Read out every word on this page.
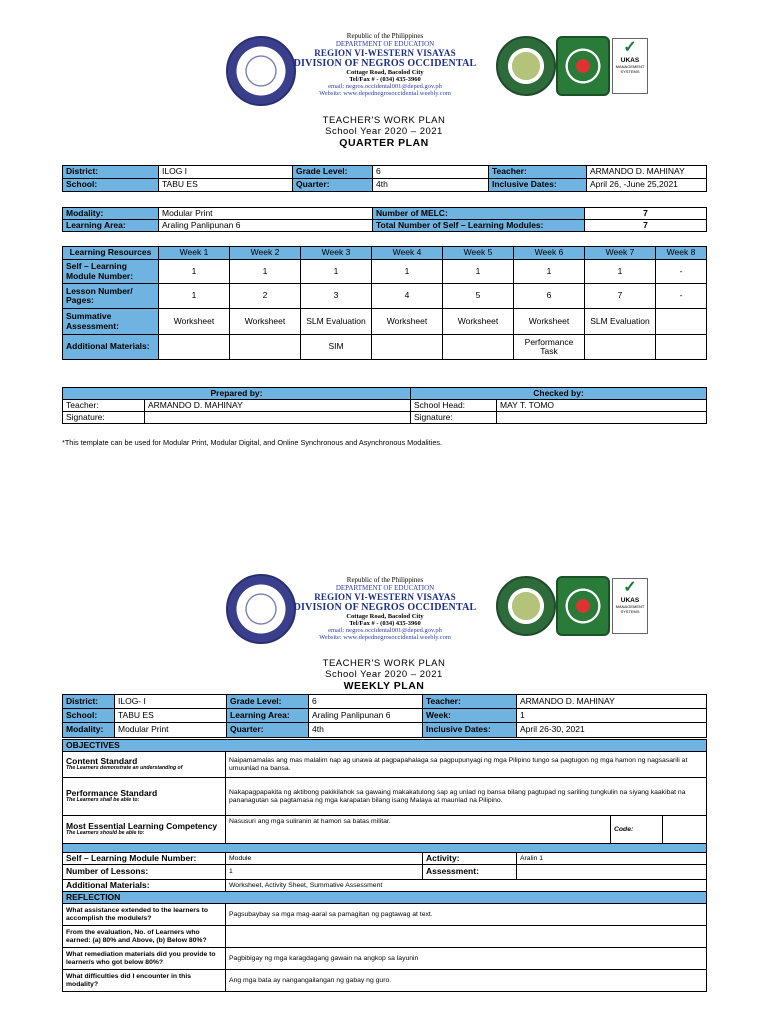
Republic of the Philippines
DEPARTMENT OF EDUCATION
REGION VI-WESTERN VISAYAS
DIVISION OF NEGROS OCCIDENTAL
Cottage Road, Bacolod City
Tel/Fax # - (034) 435-3960
email: negros.occidental001@deped.gov.ph
Website: www.depednegrosoccidental.weebly.com
✓
UKAS
MANAGEMENT SYSTEMS
TEACHER'S WORK PLAN
School Year 2020 – 2021
QUARTER PLAN
District:	ILOG I	Grade Level:	6	Teacher:	ARMANDO D. MAHINAY
School:	TABU ES	Quarter:	4th	Inclusive Dates:	April 26, -June 25,2021
Modality:	Modular Print	Number of MELC:	7
Learning Area:	Araling Panlipunan 6	Total Number of Self – Learning Modules:	7
Learning Resources	Week 1	Week 2	Week 3	Week 4	Week 5	Week 6	Week 7	Week 8
Self – Learning Module Number:	1	1	1	1	1	1	1	-
Lesson Number/ Pages:	1	2	3	4	5	6	7	-
Summative Assessment:	Worksheet	Worksheet	SLM Evaluation	Worksheet	Worksheet	Worksheet	SLM Evaluation	
Additional Materials:			SIM			Performance Task		
Prepared by:		Checked by:	
Teacher:	ARMANDO D. MAHINAY	School Head:	MAY T. TOMO
Signature:		Signature:	
*This template can be used for Modular Print, Modular Digital, and Online Synchronous and Asynchronous Modalities.
Republic of the Philippines
DEPARTMENT OF EDUCATION
REGION VI-WESTERN VISAYAS
DIVISION OF NEGROS OCCIDENTAL
Cottage Road, Bacolod City
Tel/Fax # - (034) 435-3960
email: negros.occidental001@deped.gov.ph
Website: www.depednegrosoccidental.weebly.com
✓
UKAS
MANAGEMENT SYSTEMS
TEACHER'S WORK PLAN
School Year 2020 – 2021
WEEKLY PLAN
District:	ILOG- I	Grade Level:	6	Teacher:	ARMANDO D. MAHINAY
School:	TABU ES	Learning Area:	Araling Panlipunan 6	Week:	1
Modality:	Modular Print	Quarter:	4th	Inclusive Dates:	April 26-30, 2021
OBJECTIVES					

Content Standard
The Learners demonstrate an understanding of	Naipamamalas ang mas malalim nap ag unawa at pagpapahalaga sa pagpupunyagi ng mga Pilipino tungo sa pagtugon ng mga hamon ng nagsasarili at umuunlad na bansa.				

Performance Standard
The Learners shall be able to:	Nakapagpapakita ng aktibong pakikilahok sa gawaing makakatulong sap ag unlad ng bansa bilang pagtupad ng sariling tungkulin na siyang kaakibat na pananagutan sa pagtamasa ng mga karapatan bilang isang Malaya at maunlad na Pilipino.				

Most Essential Learning Competency
The Learners should be able to:	Nasusuri ang mga suliranin at hamon sa batas militar.			Code:	

Self – Learning Module Number:	Module	Activity:	Aralin 1		
Number of Lessons:	1	Assessment:			
Additional Materials:	Worksheet, Activity Sheet, Summative Assessment				
REFLECTION					
What assistance extended to the learners to accomplish the module/s?	Pagsubaybay sa mga mag-aaral sa pamagitan ng pagtawag at text.				
From the evaluation, No. of Learners who earned: (a) 80% and Above, (b) Below 80%?					
What remediation materials did you provide to learner/s who got below 80%?	Pagbibigay ng mga karagdagang gawain na angkop sa layunin				
What difficulties did I encounter in this modality?	Ang mga bata ay nangangailangan ng gabay ng guro.				
